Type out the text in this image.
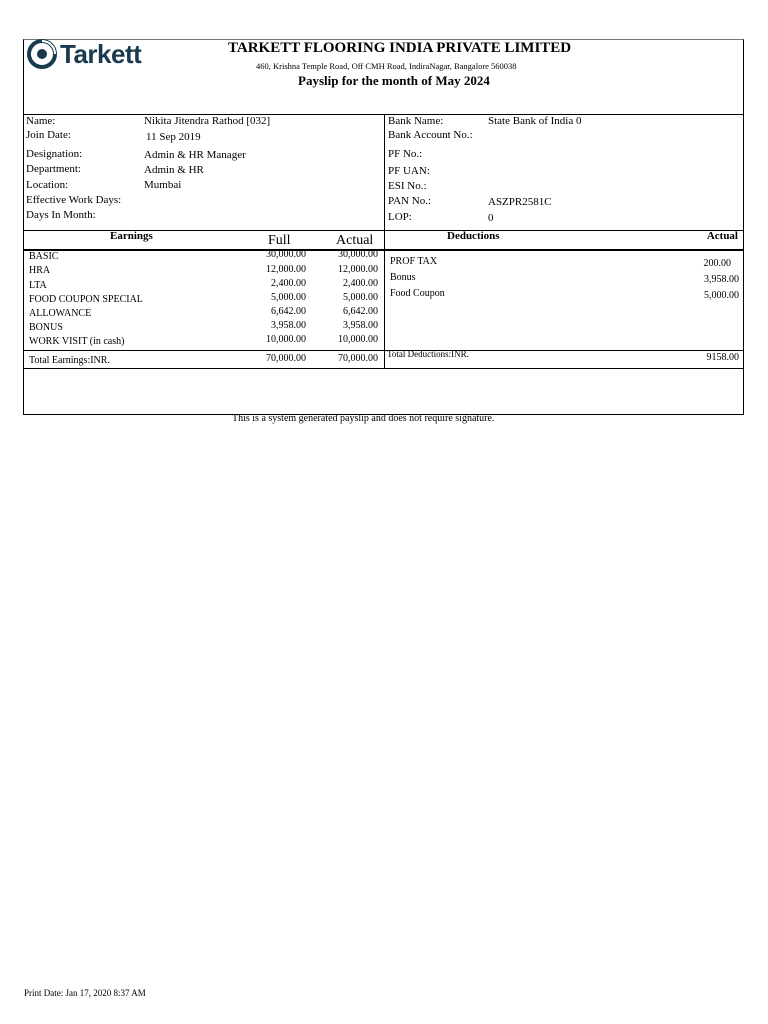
Tarkett	TARKETT FLOORING INDIA PRIVATE LIMITED
460, Krishna Temple Road, Off CMH Road, IndiraNagar, Bangalore 560038
Payslip for the month of May 2024
Name:	Nikita Jitendra Rathod [032]
Join Date:	11 Sep 2019
Designation:	Admin & HR Manager
Department:	Admin & HR
Location:	Mumbai
Effective Work Days:
Days In Month:
Bank Name:	State Bank of India 0
Bank Account No.:
PF No.:
PF UAN:
ESI No.:
PAN No.:	ASZPR2581C
LOP:	0
Earnings	Full	Actual	Deductions	Actual
BASIC	30,000.00	30,000.00
HRA	12,000.00	12,000.00
LTA	2,400.00	2,400.00
FOOD COUPON SPECIAL	5,000.00	5,000.00
ALLOWANCE	6,642.00	6,642.00
BONUS	3,958.00	3,958.00
WORK VISIT (in cash)	10,000.00	10,000.00
PROF TAX	200.00
Bonus	3,958.00
Food Coupon	5,000.00
Total Earnings:INR.	70,000.00	70,000.00 Total Deductions:INR.	9158.00
This is a system generated payslip and does not require signature.
Print Date: Jan 17, 2020 8:37 AM
